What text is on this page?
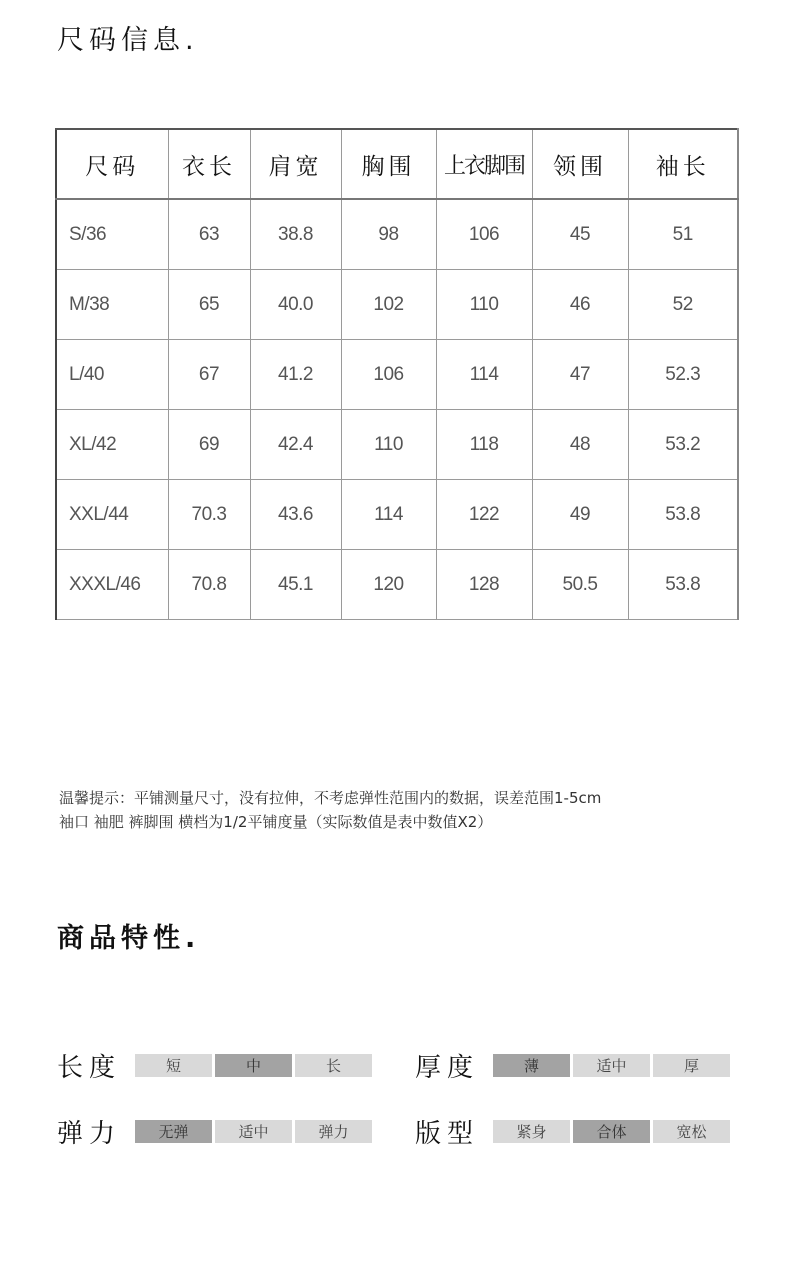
尺码信息.
尺码	衣长	肩宽	胸围	上衣脚围	领围	袖长
S/36	63	38.8	98	106	45	51
M/38	65	40.0	102	110	46	52
L/40	67	41.2	106	114	47	52.3
XL/42	69	42.4	110	118	48	53.2
XXL/44	70.3	43.6	114	122	49	53.8
XXXL/46	70.8	45.1	120	128	50.5	53.8
温馨提示：平铺测量尺寸，没有拉伸，不考虑弹性范围内的数据，误差范围1-5cm
袖口 袖肥 裤脚围 横档为1/2平铺度量（实际数值是表中数值X2）
商品特性.
长度	短	中	长	厚度	薄	适中	厚
弹力	无弹	适中	弹力	版型	紧身	合体	宽松
